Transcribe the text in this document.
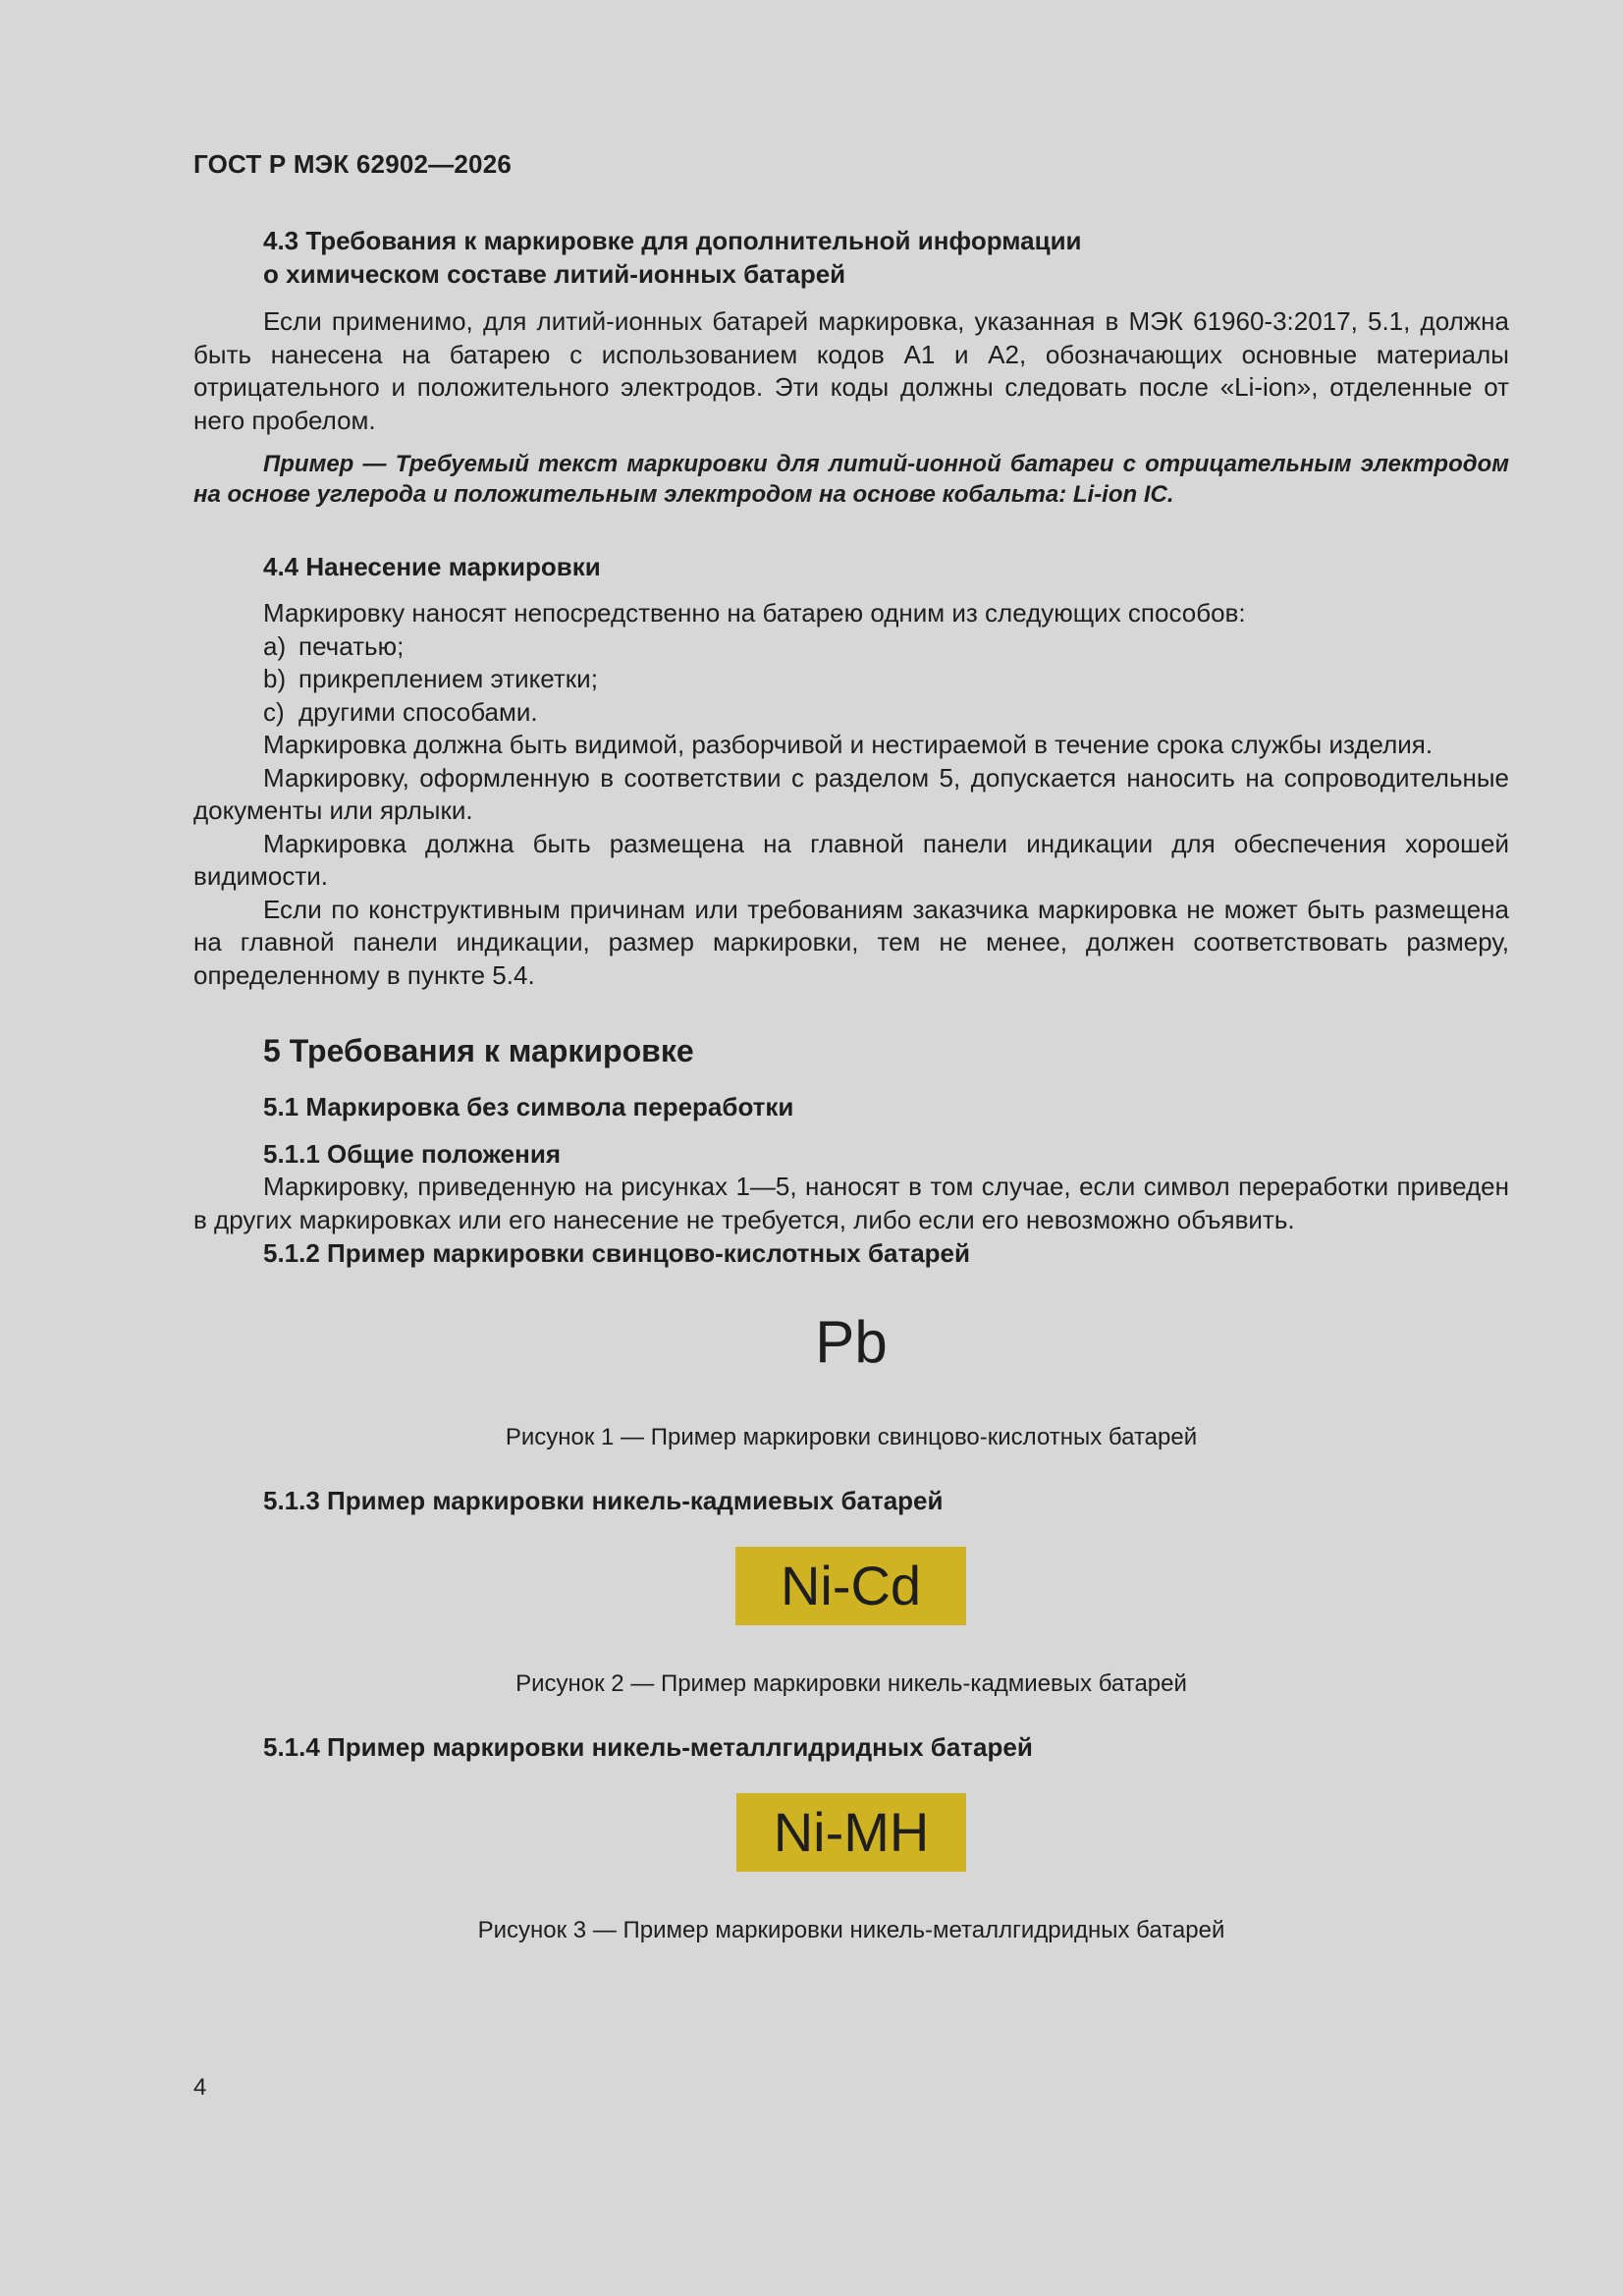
ГОСТ Р МЭК 62902—2026

4.3 Требования к маркировке для дополнительной информации

о химическом составе литий-ионных батарей

Если применимо, для литий-ионных батарей маркировка, указанная в МЭК 61960-3:2017, 5.1, должна быть нанесена на батарею с использованием кодов А1 и А2, обозначающих основные материалы отрицательного и положительного электродов. Эти коды должны следовать после «Li-ion», отделенные от него пробелом.

Пример — Требуемый текст маркировки для литий-ионной батареи с отрицательным электродом на основе углерода и положительным электродом на основе кобальта: Li-ion IC.

4.4 Нанесение маркировки

Маркировку наносят непосредственно на батарею одним из следующих способов:

a) печатью;

b) прикреплением этикетки;

c) другими способами.

Маркировка должна быть видимой, разборчивой и нестираемой в течение срока службы изделия.

Маркировку, оформленную в соответствии с разделом 5, допускается наносить на сопроводительные документы или ярлыки.

Маркировка должна быть размещена на главной панели индикации для обеспечения хорошей видимости.

Если по конструктивным причинам или требованиям заказчика маркировка не может быть размещена на главной панели индикации, размер маркировки, тем не менее, должен соответствовать размеру, определенному в пункте 5.4.

5 Требования к маркировке

5.1 Маркировка без символа переработки

5.1.1 Общие положения

Маркировку, приведенную на рисунках 1—5, наносят в том случае, если символ переработки приведен в других маркировках или его нанесение не требуется, либо если его невозможно объявить.

5.1.2 Пример маркировки свинцово-кислотных батарей

Pb
Рисунок 1 — Пример маркировки свинцово-кислотных батарей

5.1.3 Пример маркировки никель-кадмиевых батарей

Ni-Cd
Рисунок 2 — Пример маркировки никель-кадмиевых батарей

5.1.4 Пример маркировки никель-металлгидридных батарей

Ni-MH
Рисунок 3 — Пример маркировки никель-металлгидридных батарей
4
